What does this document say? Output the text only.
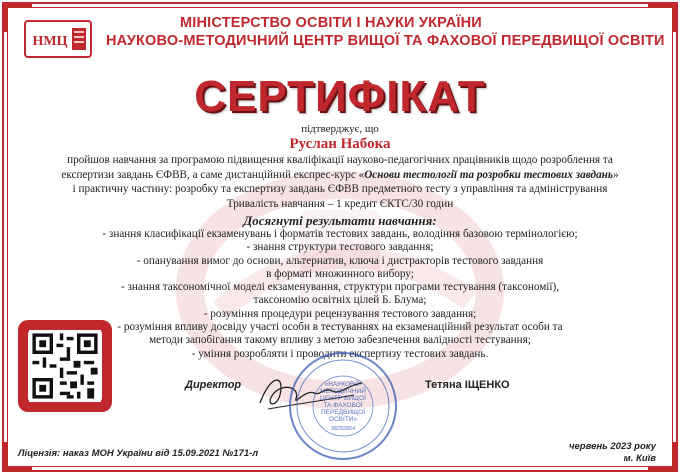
НМЦ
МІНІСТЕРСТВО ОСВІТИ І НАУКИ УКРАЇНИ
НАУКОВО-МЕТОДИЧНИЙ ЦЕНТР ВИЩОЇ ТА ФАХОВОЇ ПЕРЕДВИЩОЇ ОСВІТИ
СЕРТИФІКАТ
підтверджує, що
Руслан Набока
пройшов навчання за програмою підвищення кваліфікації науково-педагогічних працівників щодо розроблення та
експертизи завдань ЄФВВ, а саме дистанційний експрес-курс «Основи тестології та розробки тестових завдань»
і практичну частину: розробку та експертизу завдань ЄФВВ предметного тесту з управління та адміністрування
Тривалість навчання – 1 кредит ЄКТС/30 годин
Досягнуті результати навчання:
- знання класифікації екзаменувань і форматів тестових завдань, володіння базовою термінологією;
- знання структури тестового завдання;
- опанування вимог до основи, альтернатив, ключа і дистракторів тестового завдання
в форматі множинного вибору;
- знання таксономічної моделі екзаменування, структури програми тестування (таксономії),
таксономію освітніх цілей Б. Блума;
- розуміння процедури рецензування тестового завдання;
- розуміння впливу досвіду участі особи в тестуваннях на екзаменаційний результат особи та
методи запобігання такому впливу з метою забезпечення валідності тестування;
- уміння розробляти і проводити експертизу тестових завдань.
Директор	«НАУКОВО-
МЕТОДИЧНИЙ
ЦЕНТР ВИЩОЇ
ТА ФАХОВОЇ
ПЕРЕДВИЩОЇ
ОСВІТИ»
38292864
Тетяна ІЩЕНКО
Ліцензія: наказ МОН України від 15.09.2021 №171-л
червень 2023 року
м. Київ
